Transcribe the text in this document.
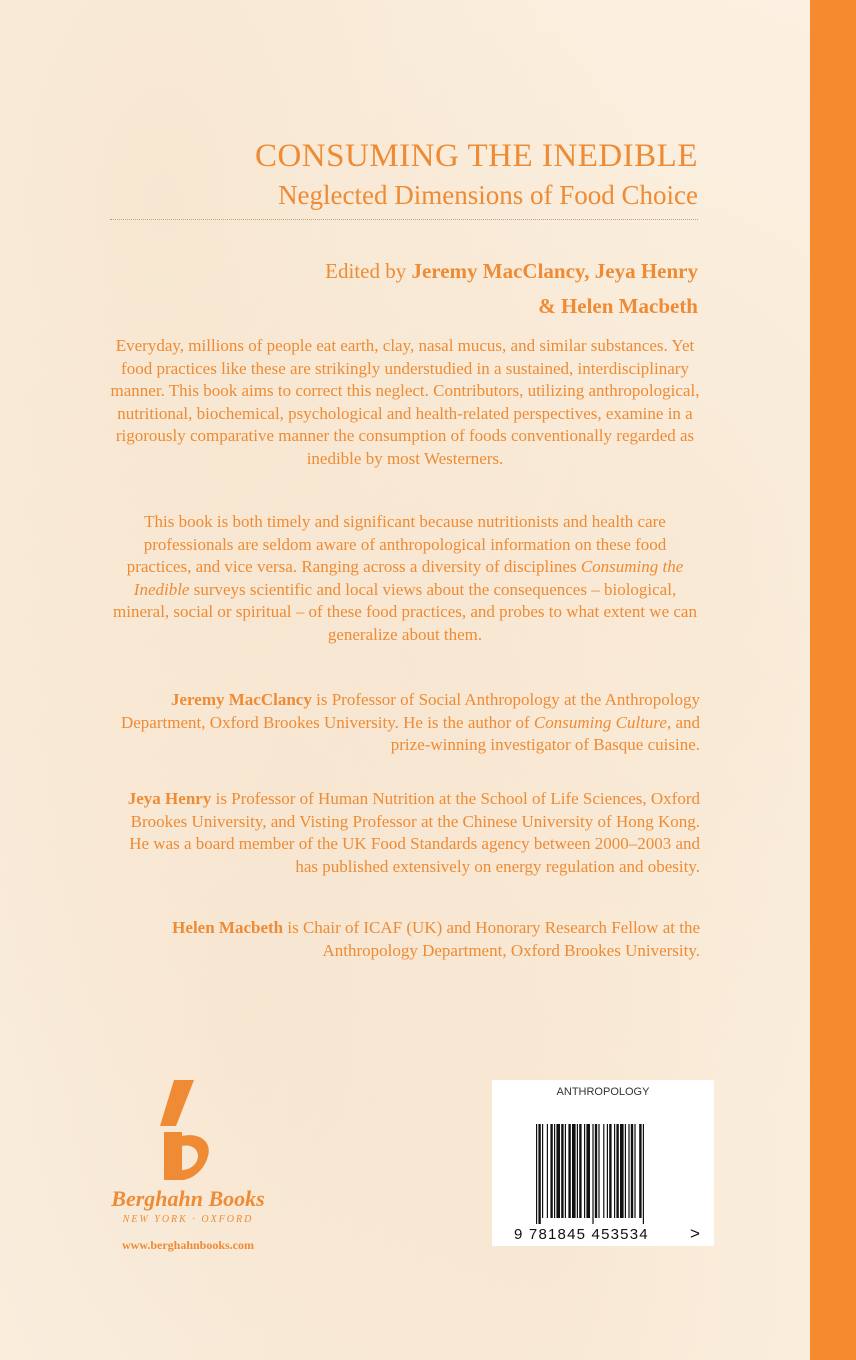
CONSUMING THE INEDIBLE
Neglected Dimensions of Food Choice
Edited by Jeremy MacClancy, Jeya Henry
& Helen Macbeth

Everyday, millions of people eat earth, clay, nasal mucus, and similar substances. Yet food practices like these are strikingly understudied in a sustained, interdisciplinary manner. This book aims to correct this neglect. Contributors, utilizing anthropological, nutritional, biochemical, psychological and health-related perspectives, examine in a rigorously comparative manner the consumption of foods conventionally regarded as inedible by most Westerners.

This book is both timely and significant because nutritionists and health care professionals are seldom aware of anthropological information on these food practices, and vice versa. Ranging across a diversity of disciplines Consuming the Inedible surveys scientific and local views about the consequences – biological, mineral, social or spiritual – of these food practices, and probes to what extent we can generalize about them.

Jeremy MacClancy is Professor of Social Anthropology at the Anthropology Department, Oxford Brookes University. He is the author of Consuming Culture, and prize-winning investigator of Basque cuisine.

Jeya Henry is Professor of Human Nutrition at the School of Life Sciences, Oxford Brookes University, and Visting Professor at the Chinese University of Hong Kong. He was a board member of the UK Food Standards agency between 2000–2003 and has published extensively on energy regulation and obesity.

Helen Macbeth is Chair of ICAF (UK) and Honorary Research Fellow at the Anthropology Department, Oxford Brookes University.

Berghahn Books
NEW YORK · OXFORD
www.berghahnbooks.com
ANTHROPOLOGY
9 781845 453534	>
